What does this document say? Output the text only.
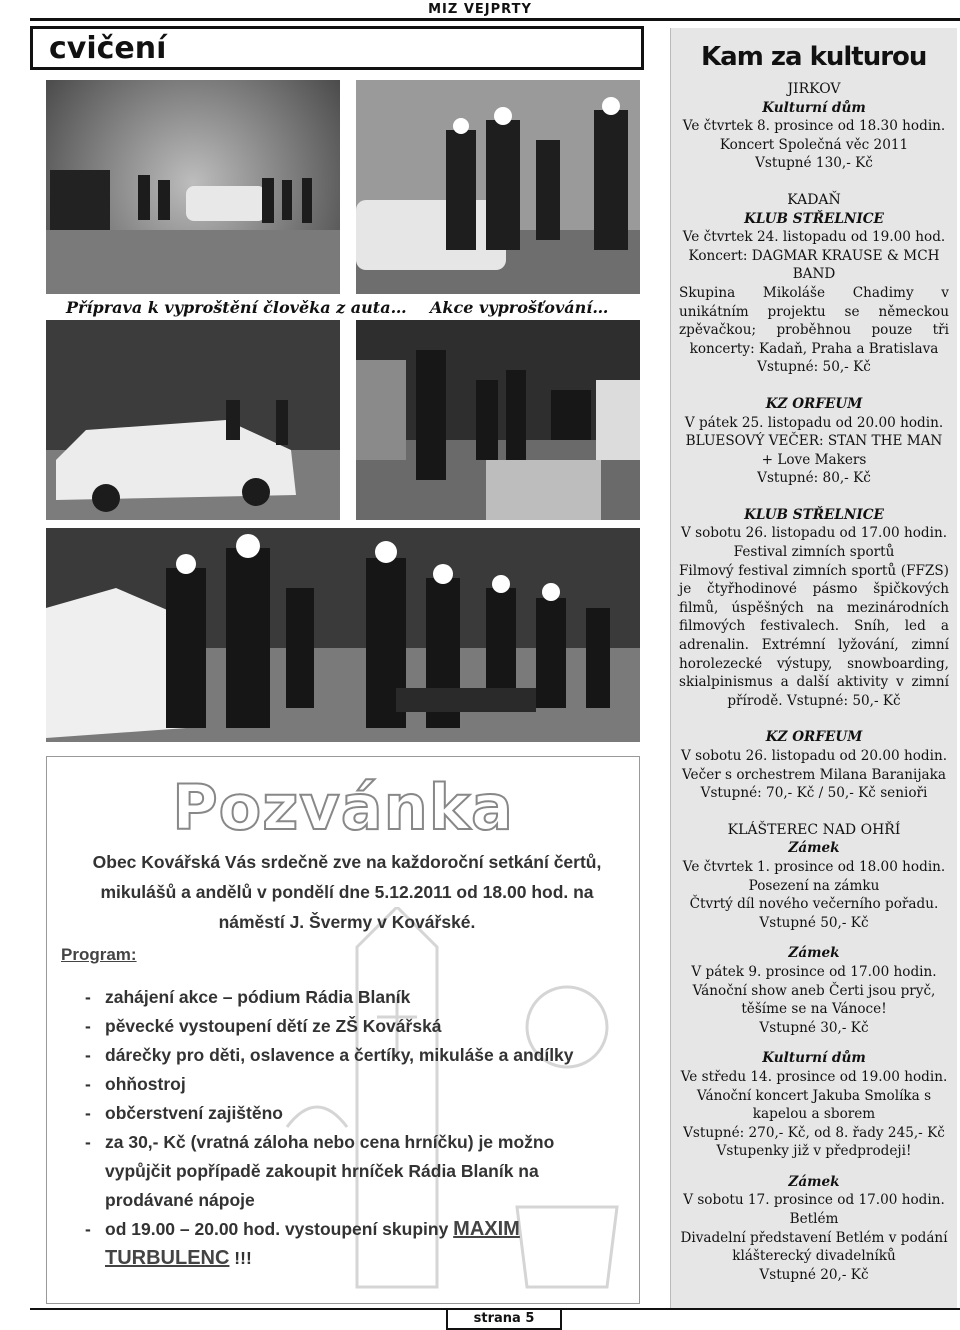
MIZ VEJPRTY
cvičení
Příprava k vyproštění člověka z auta… Akce vyprošťování…
Pozvánka
Obec Kovářská Vás srdečně zve na každoroční setkání čertů, mikulášů a andělů v pondělí dne 5.12.2011 od 18.00 hod. na náměstí J. Švermy v Kovářské.
Program:
- zahájení akce – pódium Rádia Blaník
- pěvecké vystoupení dětí ze ZŠ Kovářská
- dárečky pro děti, oslavence a čertíky, mikuláše a andílky
- ohňostroj
- občerstvení zajištěno
- za 30,- Kč (vratná záloha nebo cena hrníčku) je možno vypůjčit popřípadě zakoupit hrníček Rádia Blaník na prodávané nápoje
- od 19.00 – 20.00 hod. vystoupení skupiny MAXIM TURBULENC !!!
Kam za kulturou
JIRKOV
Kulturní dům
Ve čtvrtek 8. prosince od 18.30 hodin.
Koncert Společná věc 2011
Vstupné 130,- Kč
KADAŇ
KLUB STŘELNICE
Ve čtvrtek 24. listopadu od 19.00 hod.
Koncert: DAGMAR KRAUSE & MCH BAND
Skupina Mikoláše Chadimy v unikátním projektu se německou zpěvačkou; proběhnou pouze tři koncerty: Kadaň, Praha a Bratislava
Vstupné: 50,- Kč
KZ ORFEUM
V pátek 25. listopadu od 20.00 hodin.
BLUESOVÝ VEČER: STAN THE MAN + Love Makers
Vstupné: 80,- Kč
KLUB STŘELNICE
V sobotu 26. listopadu od 17.00 hodin.
Festival zimních sportů
Filmový festival zimních sportů (FFZS) je čtyřhodinové pásmo špičkových filmů, úspěšných na mezinárodních filmových festivalech. Sníh, led a adrenalin. Extrémní lyžování, zimní horolezecké výstupy, snowboarding, skialpinismus a další aktivity v zimní přírodě. Vstupné: 50,- Kč
KZ ORFEUM
V sobotu 26. listopadu od 20.00 hodin.
Večer s orchestrem Milana Baranijaka
Vstupné: 70,- Kč / 50,- Kč senioři
KLÁŠTEREC NAD OHŘÍ
Zámek
Ve čtvrtek 1. prosince od 18.00 hodin.
Posezení na zámku
Čtvrtý díl nového večerního pořadu.
Vstupné 50,- Kč
Zámek
V pátek 9. prosince od 17.00 hodin.
Vánoční show aneb Čerti jsou pryč, těšíme se na Vánoce!
Vstupné 30,- Kč
Kulturní dům
Ve středu 14. prosince od 19.00 hodin.
Vánoční koncert Jakuba Smolíka s kapelou a sborem
Vstupné: 270,- Kč, od 8. řady 245,- Kč
Vstupenky již v předprodeji!
Zámek
V sobotu 17. prosince od 17.00 hodin.
Betlém
Divadelní představení Betlém v podání klášterecký divadelníků
Vstupné 20,- Kč
strana 5
